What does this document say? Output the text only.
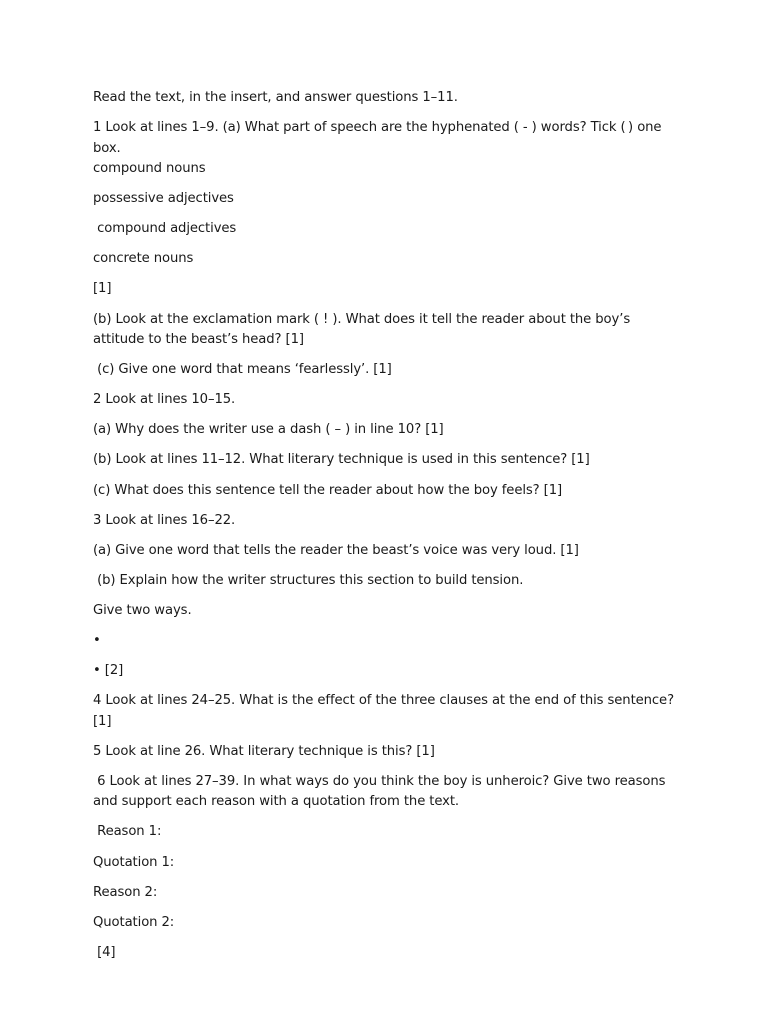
Read the text, in the insert, and answer questions 1–11.

1 Look at lines 1–9. (a) What part of speech are the hyphenated ( - ) words? Tick ( ) one box.

compound nouns

possessive adjectives

compound adjectives

concrete nouns

[1]

(b) Look at the exclamation mark ( ! ). What does it tell the reader about the boy’s attitude to the beast’s head? [1]

(c) Give one word that means ‘fearlessly’. [1]

2 Look at lines 10–15.

(a) Why does the writer use a dash ( – ) in line 10? [1]

(b) Look at lines 11–12. What literary technique is used in this sentence? [1]

(c) What does this sentence tell the reader about how the boy feels? [1]

3 Look at lines 16–22.

(a) Give one word that tells the reader the beast’s voice was very loud. [1]

(b) Explain how the writer structures this section to build tension.

Give two ways.

•

• [2]

4 Look at lines 24–25. What is the effect of the three clauses at the end of this sentence? [1]

5 Look at line 26. What literary technique is this? [1]

6 Look at lines 27–39. In what ways do you think the boy is unheroic? Give two reasons and support each reason with a quotation from the text.

Reason 1:

Quotation 1:

Reason 2:

Quotation 2:

[4]
